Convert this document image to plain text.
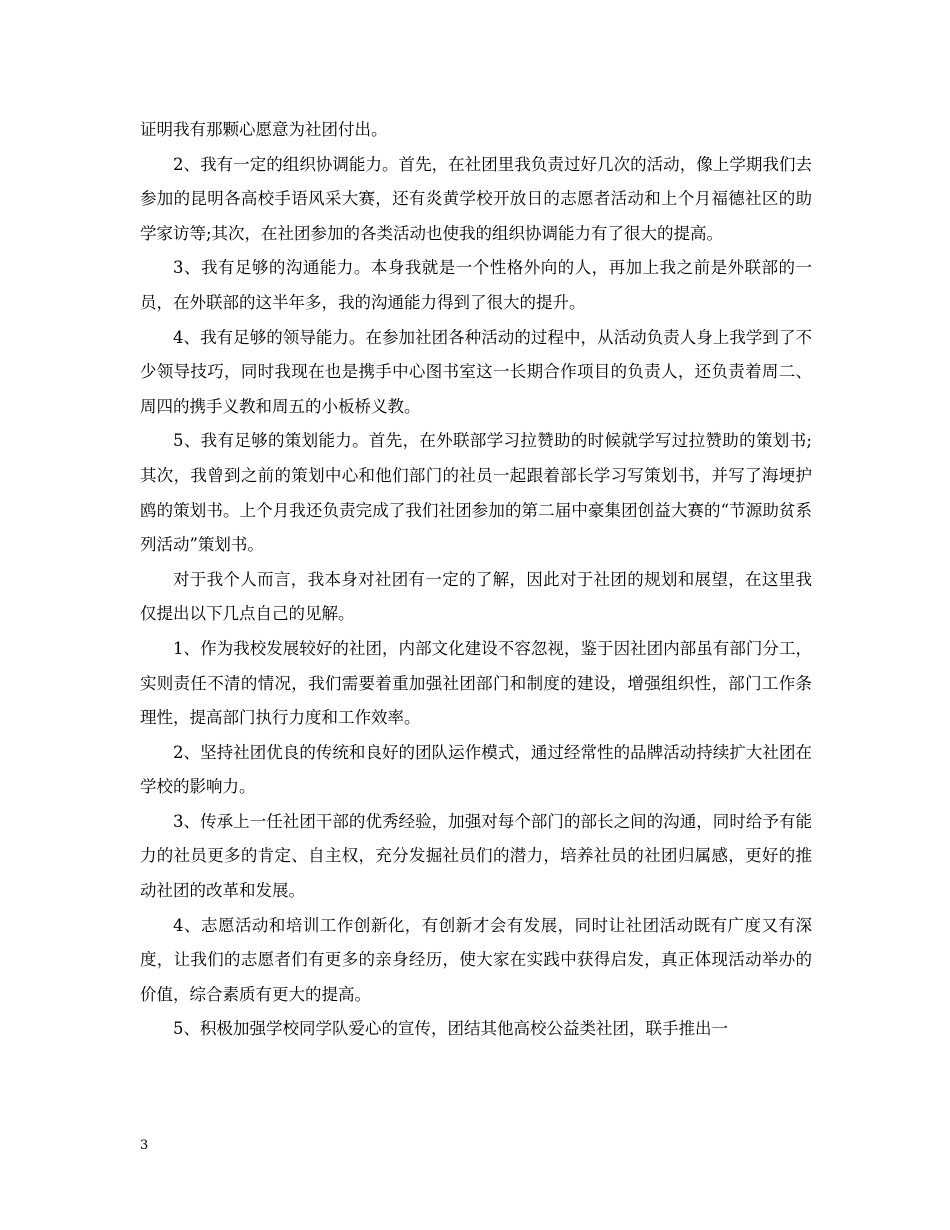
证明我有那颗心愿意为社团付出。

2、我有一定的组织协调能力。首先，在社团里我负责过好几次的活动，像上学期我们去参加的昆明各高校手语风采大赛，还有炎黄学校开放日的志愿者活动和上个月福德社区的助学家访等;其次，在社团参加的各类活动也使我的组织协调能力有了很大的提高。

3、我有足够的沟通能力。本身我就是一个性格外向的人，再加上我之前是外联部的一员，在外联部的这半年多，我的沟通能力得到了很大的提升。

4、我有足够的领导能力。在参加社团各种活动的过程中，从活动负责人身上我学到了不少领导技巧，同时我现在也是携手中心图书室这一长期合作项目的负责人，还负责着周二、周四的携手义教和周五的小板桥义教。

5、我有足够的策划能力。首先，在外联部学习拉赞助的时候就学写过拉赞助的策划书;其次，我曾到之前的策划中心和他们部门的社员一起跟着部长学习写策划书，并写了海埂护鸥的策划书。上个月我还负责完成了我们社团参加的第二届中豪集团创益大赛的“节源助贫系列活动”策划书。

对于我个人而言，我本身对社团有一定的了解，因此对于社团的规划和展望，在这里我仅提出以下几点自己的见解。

1、作为我校发展较好的社团，内部文化建设不容忽视，鉴于因社团内部虽有部门分工，实则责任不清的情况，我们需要着重加强社团部门和制度的建设，增强组织性，部门工作条理性，提高部门执行力度和工作效率。

2、坚持社团优良的传统和良好的团队运作模式，通过经常性的品牌活动持续扩大社团在学校的影响力。

3、传承上一任社团干部的优秀经验，加强对每个部门的部长之间的沟通，同时给予有能力的社员更多的肯定、自主权，充分发掘社员们的潜力，培养社员的社团归属感，更好的推动社团的改革和发展。

4、志愿活动和培训工作创新化，有创新才会有发展，同时让社团活动既有广度又有深度，让我们的志愿者们有更多的亲身经历，使大家在实践中获得启发，真正体现活动举办的价值，综合素质有更大的提高。

5、积极加强学校同学队爱心的宣传，团结其他高校公益类社团，联手推出一

3
